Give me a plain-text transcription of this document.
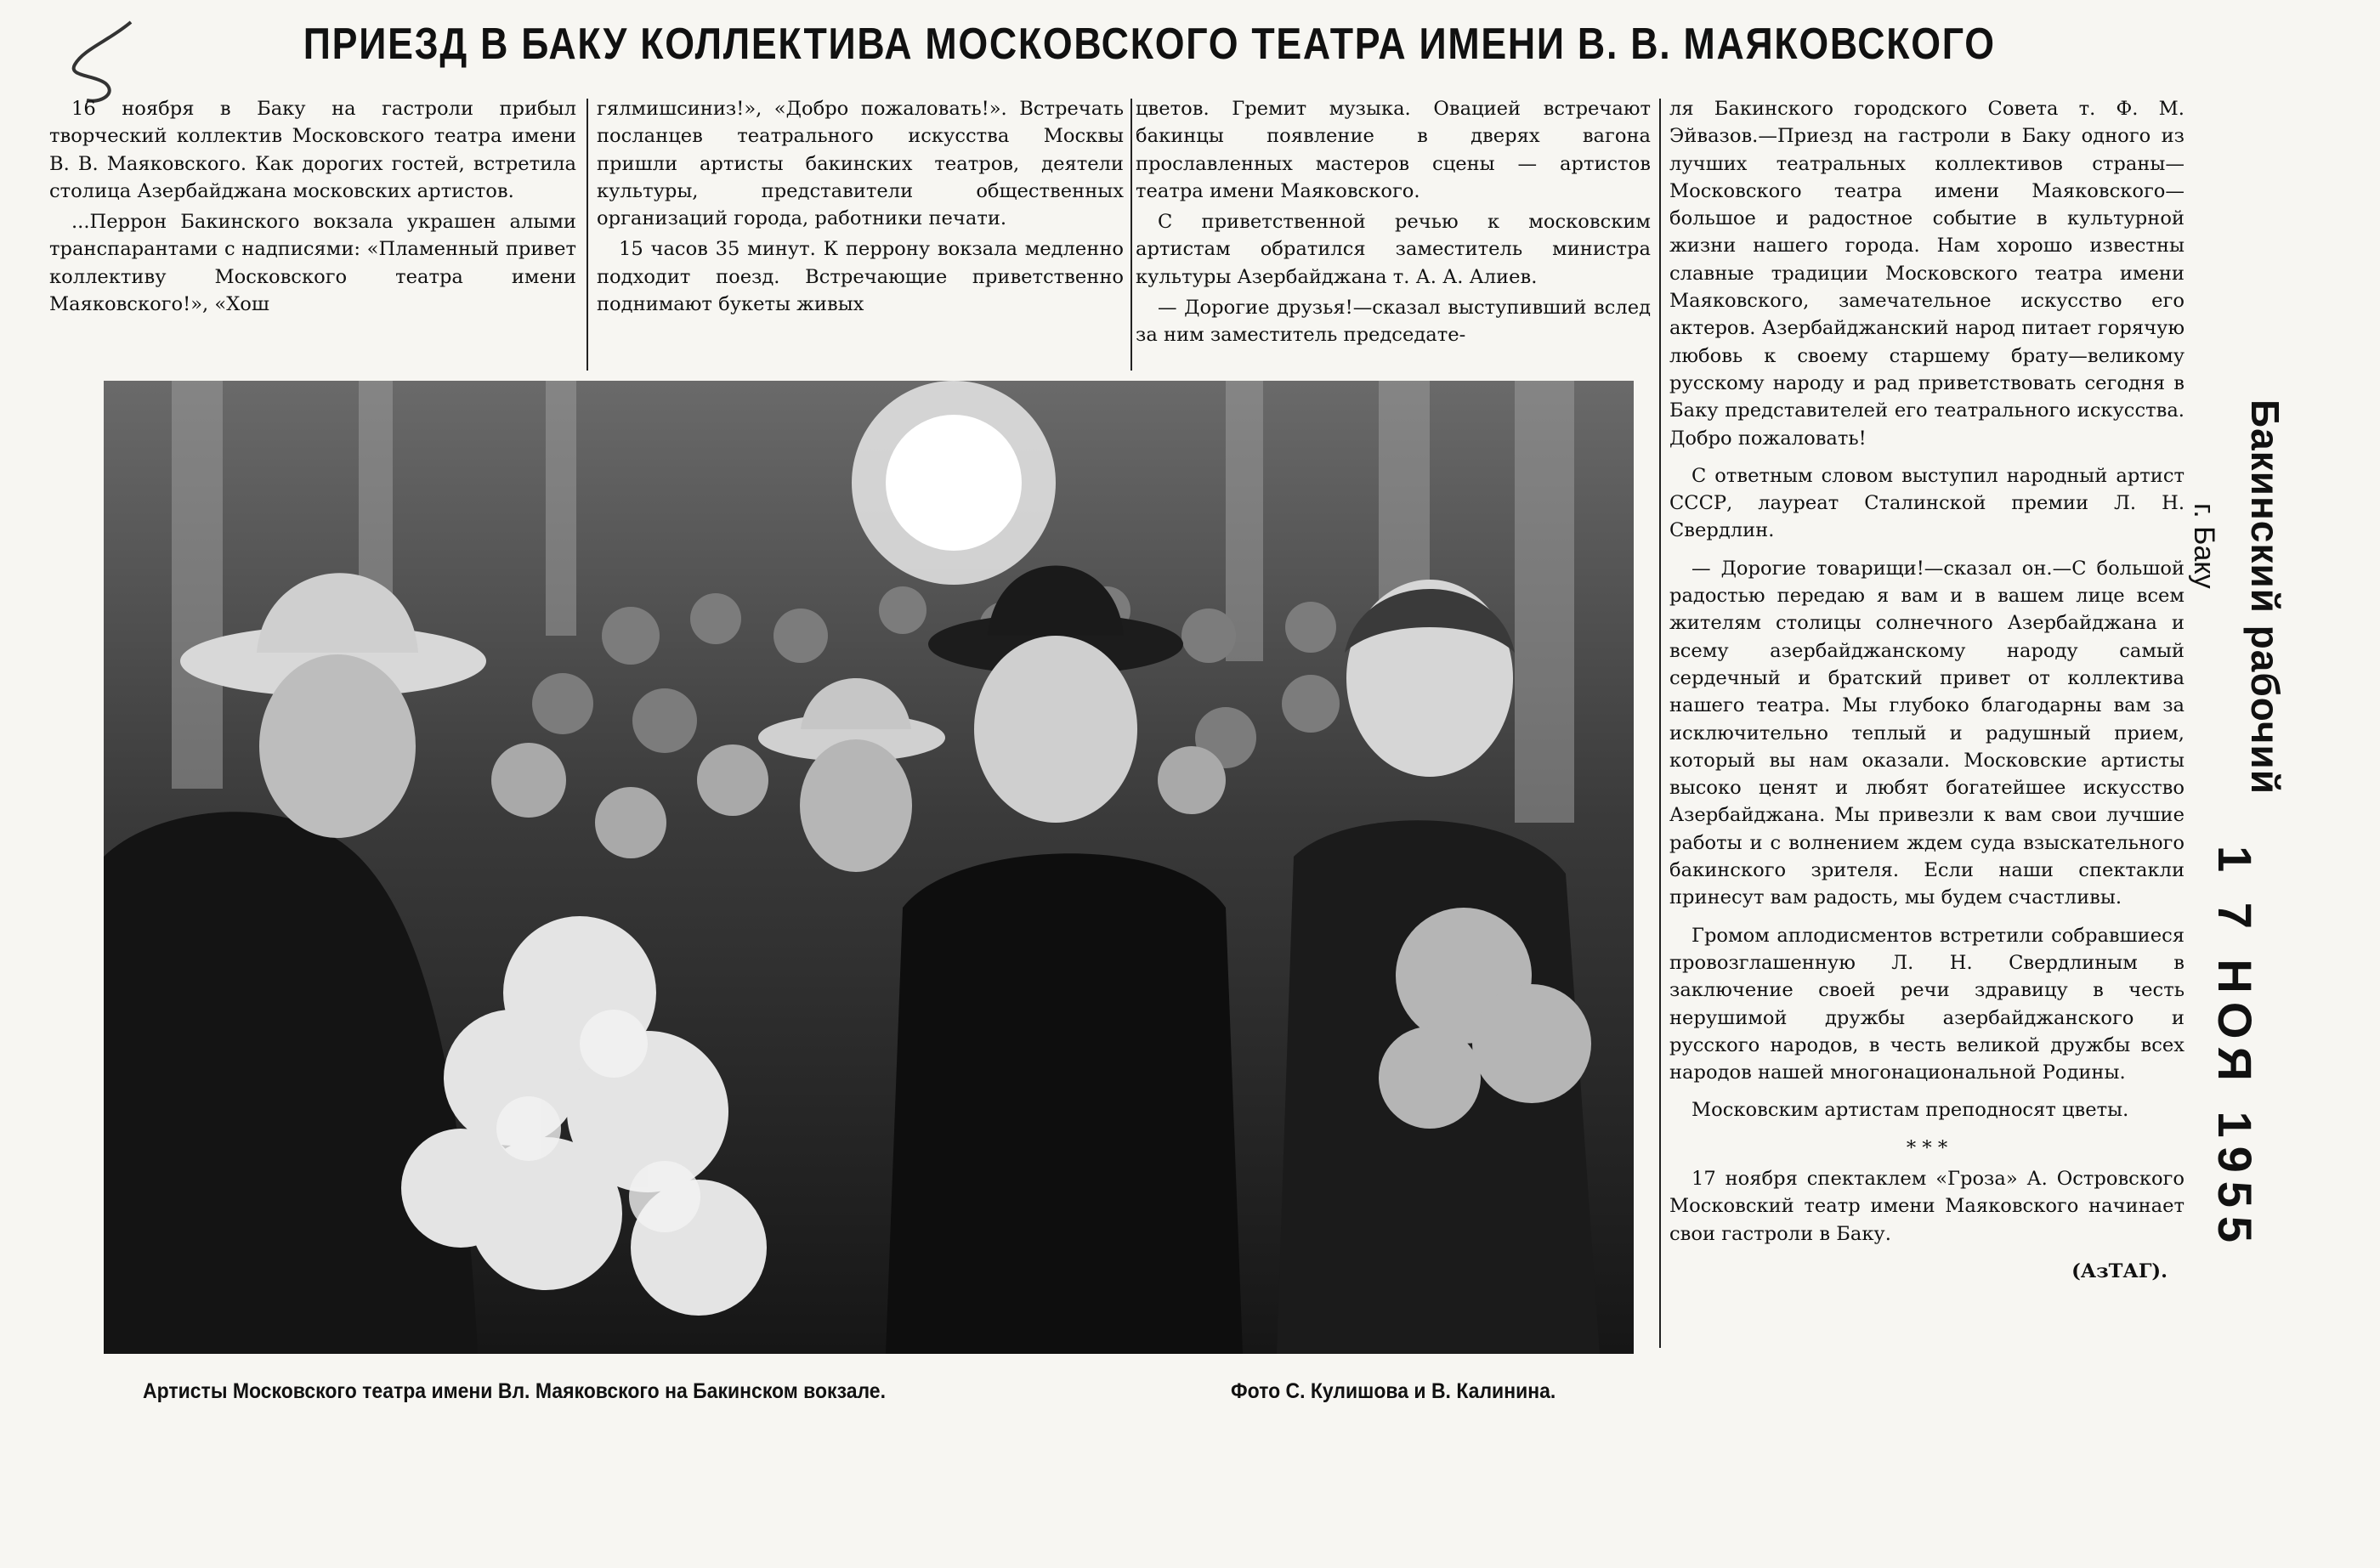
ПРИЕЗД В БАКУ КОЛЛЕКТИВА МОСКОВСКОГО ТЕАТРА ИМЕНИ В. В. МАЯКОВСКОГО

16 ноября в Баку на гастроли прибыл творческий коллектив Московского театра имени В. В. Маяковского. Как дорогих гостей, встретила столица Азербайджана московских артистов.

...Перрон Бакинского вокзала украшен алыми транспарантами с надписями: «Пламенный привет коллективу Московского театра имени Маяковского!», «Хош

гялмишсиниз!», «Добро пожаловать!». Встречать посланцев театрального искусства Москвы пришли артисты бакинских театров, деятели культуры, представители общественных организаций города, работники печати.

15 часов 35 минут. К перрону вокзала медленно подходит поезд. Встречающие приветственно поднимают букеты живых

цветов. Гремит музыка. Овацией встречают бакинцы появление в дверях вагона прославленных мастеров сцены — артистов театра имени Маяковского.

С приветственной речью к московским артистам обратился заместитель министра культуры Азербайджана т. А. А. Алиев.

— Дорогие друзья!—сказал выступивший вслед за ним заместитель председате-

ля Бакинского городского Совета т. Ф. М. Эйвазов.—Приезд на гастроли в Баку одного из лучших театральных коллективов страны—Московского театра имени Маяковского—большое и радостное событие в культурной жизни нашего города. Нам хорошо известны славные традиции Московского театра имени Маяковского, замечательное искусство его актеров. Азербайджанский народ питает горячую любовь к своему старшему брату—великому русскому народу и рад приветствовать сегодня в Баку представителей его театрального искусства. Добро пожаловать!

С ответным словом выступил народный артист СССР, лауреат Сталинской премии Л. Н. Свердлин.

— Дорогие товарищи!—сказал он.—С большой радостью передаю я вам и в вашем лице всем жителям столицы солнечного Азербайджана и всему азербайджанскому народу самый сердечный и братский привет от коллектива нашего театра. Мы глубоко благодарны вам за исключительно теплый и радушный прием, который вы нам оказали. Московские артисты высоко ценят и любят богатейшее искусство Азербайджана. Мы привезли к вам свои лучшие работы и с волнением ждем суда взыскательного бакинского зрителя. Если наши спектакли принесут вам радость, мы будем счастливы.

Громом аплодисментов встретили собравшиеся провозглашенную Л. Н. Свердлиным в заключение своей речи здравицу в честь нерушимой дружбы азербайджанского и русского народов, в честь великой дружбы всех народов нашей многонациональной Родины.

Московским артистам преподносят цветы.

* * *

17 ноября спектаклем «Гроза» А. Островского Московский театр имени Маяковского начинает свои гастроли в Баку.

(АзТАГ).

Артисты Московского театра имени Вл. Маяковского на Бакинском вокзале.	Фото С. Кулишова и В. Калинина.
Бакинский рабочий
г. Баку
1 7 НОЯ 1955
